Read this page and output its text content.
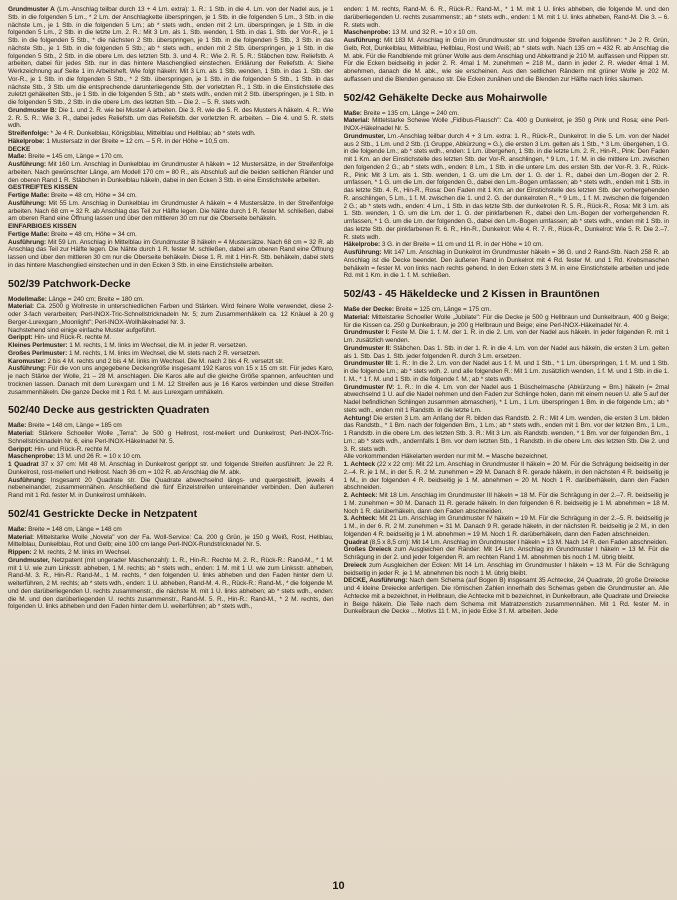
Grundmuster A (Lm.-Anschlag teilbar durch 13 + 4 Lm. extra): 1. R.: 1 Stb. in die 4. Lm. von der Nadel aus, je 1 Stb. in die folgenden 5 Lm., * 2 Lm. der Anschlagkette überspringen, je 1 Stb. in die folgenden 5 Lm., 3 Stb. in die nächste Lm., je 1 Stb. in die folgenden 5 Lm.; ab * stets wdh., enden mit 2 Lm. überspringen, je 1 Stb. in die folgenden 5 Lm., 2 Stb. in die letzte Lm. 2. R.: Mit 3 Lm. als 1. Stb. wenden, 1 Stb. in das 1. Stb. der Vor-R., je 1 Stb. in die folgenden 5 Stb., * die nächsten 2 Stb. überspringen, je 1 Stb. in die folgenden 5 Stb., 3 Stb. in das nächste Stb., je 1 Stb. in die folgenden 5 Stb.; ab * stets wdh., enden mit 2 Stb. überspringen, je 1 Stb. in die folgenden 5 Stb., 2 Stb. in die obere Lm. des letzten Stb. 3. und 4. R.: Wie 2. R. 5. R.: Stäbchen bzw. Reliefstb. A arbeiten, dabei für jedes Stb. nur in das hintere Maschenglied einstechen. Erklärung der Reliefstb. A: Siehe Werkzeichnung auf Seite 1 im Arbeitsheft. Wie folgt häkeln: Mit 3 Lm. als 1 Stb. wenden, 1 Stb. in das 1. Stb. der Vor-R., je 1 Stb. in die folgenden 5 Stb., * 2 Stb. überspringen, je 1 Stb. in die folgenden 5 Stb., 1 Stb. in das nächste Stb., 3 Stb. um die entsprechende darunterliegende Stb. der vorletzten R., 1 Stb. in die Einstichstelle des zuletzt gehäkelten Stb., je 1 Stb. in die folgenden 5 Stb.; ab * stets wdh., enden mit 2 Stb. überspringen, je 1 Stb. in die folgenden 5 Stb., 2 Stb. in die obere Lm. des letzten Stb. – Die 2. – 5. R. stets wdh.

Grundmuster B: Die 1. und 2. R. wie bei Muster A arbeiten. Die 3. R. wie die 5. R. des Musters A häkeln. 4. R.: Wie 2. R. 5. R.: Wie 3. R., dabei jedes Reliefstb. um das Reliefstb. der vorletzten R. arbeiten. – Die 4. und 5. R. stets wdh.

Streifenfolge: * Je 4 R. Dunkelblau, Königsblau, Mittelblau und Hellblau; ab * stets wdh.

Häkelprobe: 1 Mustersatz in der Breite = 12 cm. – 5 R. in der Höhe = 10,5 cm.

DECKE

Maße: Breite = 145 cm, Länge = 170 cm.

Ausführung: Mit 160 Lm. Anschlag in Dunkelblau im Grundmuster A häkeln = 12 Mustersätze, in der Streifenfolge arbeiten. Nach gewünschter Länge, am Modell 170 cm = 80 R., als Abschluß auf die beiden seitlichen Ränder und den oberen Rand 1 R. Stäbchen in Dunkelblau häkeln, dabei in den Ecken 3 Stb. in eine Einstichstelle arbeiten.

GESTREIFTES KISSEN

Fertige Maße: Breite = 48 cm, Höhe = 34 cm.

Ausführung: Mit 55 Lm. Anschlag in Dunkelblau im Grundmuster A häkeln = 4 Mustersätze. In der Streifenfolge arbeiten. Nach 68 cm = 32 R. ab Anschlag das Teil zur Hälfte legen. Die Nähte durch 1 R. fester M. schließen, dabei am oberen Rand eine Öffnung lassen und über den mittleren 30 cm nur die Oberseite behäkeln.

EINFARBIGES KISSEN

Fertige Maße: Breite = 48 cm, Höhe = 34 cm.

Ausführung: Mit 59 Lm. Anschlag in Mittelblau im Grundmuster B häkeln = 4 Mustersätze. Nach 68 cm = 32 R. ab Anschlag das Teil zur Hälfte legen. Die Nähte durch 1 R. fester M. schließen, dabei am oberen Rand eine Öffnung lassen und über den mittleren 30 cm nur die Oberseite behäkeln. Diese 1. R. mit 1 Hin-R. Stb. behäkeln, dabei stets in das hintere Maschenglied einstechen und in den Ecken 3 Stb. in eine Einstichstelle arbeiten.

502/39 Patchwork-Decke

Modellmaße: Länge = 240 cm; Breite = 180 cm.

Material: Ca. 2500 g Wollreste in unterschiedlichen Farben und Stärken. Wird feinere Wolle verwendet, diese 2- oder 3-fach verarbeiten; Perl-INOX-Tric-Schnellstricknadeln Nr. 5; zum Zusammenhäkeln ca. 12 Knäuel à 20 g Berger-Lurexgarn „Moonlight"; Perl-INOX-Wollhäkelnadel Nr. 3.

Nachstehend sind einige einfache Muster aufgeführt.

Gerippt: Hin- und Rück-R. rechte M.

Kleines Perlmuster: 1 M. rechts, 1 M. links im Wechsel, die M. in jeder R. versetzen.

Großes Perlmuster: 1 M. rechts, 1 M. links im Wechsel, die M. stets nach 2 R. versetzen.

Karomuster: 2 bis 4 M. rechts und 2 bis 4 M. links im Wechsel. Die M. nach 2 bis 4 R. versetzt str.

Ausführung: Für die von uns angegebene Deckengröße insgesamt 192 Karos von 15 x 15 cm str. Für jedes Karo, je nach Stärke der Wolle, 21 – 28 M. anschlagen. Die Karos alle auf die gleiche Größe spannen, anfeuchten und trocknen lassen. Danach mit dem Lurexgarn und 1 M. 12 Streifen aus je 16 Karos verbinden und diese Streifen zusammenhäkeln. Die ganze Decke mit 1 Rd. f. M. aus Lurexgarn umhäkeln.

502/40 Decke aus gestrickten Quadraten

Maße: Breite = 148 cm, Länge = 185 cm

Material: Stärkere Schoeller Wolle „Terra": Je 500 g Hellrost, rost-meliert und Dunkelrost; Perl-INOX-Tric-Schnellstricknadeln Nr. 6, eine Perl-INOX-Häkelnadel Nr. 5.

Gerippt: Hin- und Rück-R. rechte M.

Maschenprobe: 13 M. und 26 R. = 10 x 10 cm.

1 Quadrat 37 x 37 cm: Mit 48 M. Anschlag in Dunkelrost gerippt str. und folgende Streifen ausführen: Je 22 R. Dunkelrost, rost-meliert und Hellrost. Nach 36 cm = 102 R. ab Anschlag die M. abk.

Ausführung: Insgesamt 20 Quadrate str. Die Quadrate abwechselnd längs- und quergestreift, jeweils 4 nebeneinander, zusammennähen. Anschließend die fünf Einzelstreifen untereinander verbinden. Den äußeren Rand mit 1 Rd. fester M. in Dunkelrost umhäkeln.

502/41 Gestrickte Decke in Netzpatent

Maße: Breite = 148 cm, Länge = 148 cm

Material: Mittelstarke Wolle „Novela" von der Fa. Woll-Service: Ca. 200 g Grün, je 150 g Weiß, Rost, Hellblau, Mittelblau, Dunkelblau, Rot und Gelb; eine 100 cm lange Perl-INOX-Rundstricknadel Nr. 5.

Rippen: 2 M. rechts, 2 M. links im Wechsel.

Grundmuster, Netzpatent (mit ungerader Maschenzahl): 1. R., Hin-R.: Rechte M. 2. R., Rück-R.: Rand-M., * 1 M. mit 1 U. wie zum Linksstr. abheben, 1 M. rechts; ab * stets wdh., enden: 1 M. mit 1 U. wie zum Linksstr. abheben, Rand-M. 3. R., Hin-R.: Rand-M., 1 M. rechts, * den folgenden U. links abheben und den Faden hinter dem U. weiterführen, 2 M. rechts; ab * stets wdh., enden: 1 U. abheben, Rand-M. 4. R., Rück-R.: Rand-M., * die folgende M. und den darüberliegenden U. rechts zusammenstr., die nächste M. mit 1 U. links abheben; ab * stets wdh., enden: die M. und den darüberliegenden U. rechts zusammenstr., Rand-M. 5. R., Hin-R.: Rand-M., * 2 M. rechts, den folgenden U. links abheben und den Faden hinter dem U. weiterführen; ab * stets wdh.,

enden: 1 M. rechts, Rand-M. 6. R., Rück-R.: Rand-M., * 1 M. mit 1 U. links abheben, die folgende M. und den darüberliegenden U. rechts zusammenstr.; ab * stets wdh., enden: 1 M. mit 1 U. links abheben, Rand-M. Die 3. – 6. R. stets wdh.

Maschenprobe: 13 M. und 32 R. = 10 x 10 cm.

Ausführung: Mit 183 M. Anschlag in Grün im Grundmuster str. und folgende Streifen ausführen: * Je 2 R. Grün, Gelb, Rot, Dunkelblau, Mittelblau, Hellblau, Rost und Weiß; ab * stets wdh. Nach 135 cm = 432 R. ab Anschlag die M. abk. Für die Randblende mit grüner Wolle aus dem Anschlag und Abkettrand je 210 M. auffassen und Rippen str. Für die Ecken beidseitig in jeder 2. R. 4mal 1 M. zunehmen = 218 M., dann in jeder 2. R. wieder 4mal 1 M. abnehmen, danach die M. abk., wie sie erscheinen. Aus den seitlichen Rändern mit grüner Wolle je 202 M. auffassen und die Blenden genauso str. Die Ecken zunähen und die Blenden zur Hälfte nach links säumen.

502/42 Gehäkelte Decke aus Mohairwolle

Maße: Breite = 135 cm, Länge = 240 cm.

Material: Mittelstarke Schewe Wolle „Fidibus-Flausch": Ca. 400 g Dunkelrot, je 350 g Pink und Rosa; eine Perl-INOX-Häkelnadel Nr. 5.

Grundmuster, Lm.-Anschlag teilbar durch 4 + 3 Lm. extra: 1. R., Rück-R., Dunkelrot: In die 5. Lm. von der Nadel aus 2 Stb., 1 Lm. und 2 Stb. (1 Gruppe, Abkürzung = G.), die ersten 3 Lm. gelten als 1 Stb., * 3 Lm. übergehen, 1 G. in die folgende Lm.; ab * stets wdh., enden: 1 Lm. übergehen, 1 Stb. in die letzte Lm. 2. R., Hin-R., Pink: Den Faden mit 1 Km. an der Einstichstelle des letzten Stb. der Vor-R. anschlingen, * 9 Lm., 1 f. M. in die mittlere Lm. zwischen den folgenden 2 G.; ab * stets wdh., enden: 8 Lm., 1 Stb. in die untere Lm. des ersten Stb. der Vor-R. 3. R., Rück-R., Pink: Mit 3 Lm. als 1. Stb. wenden, 1 G. um die Lm. der 1. G. der 1. R., dabei den Lm.-Bogen der 2. R. umfassen, * 1 G. um die Lm. der folgenden G., dabei den Lm.-Bogen umfassen; ab * stets wdh., enden mit 1 Stb. in das letzte Stb. 4. R., Hin-R., Rosa: Den Faden mit 1 Km. an der Einstichstelle des letzten Stb. der vorhergehenden R. anschlingen, 5 Lm., 1 f. M. zwischen die 1. und 2. G. der dunkelroten R., * 9 Lm., 1 f. M. zwischen die folgenden 2 G.; ab * stets wdh., enden: 4 Lm., 1 Stb. in das letzte Stb. der dunkelroten R. 5. R., Rück-R., Rosa: Mit 3 Lm. als 1. Stb. wenden, 1 G. um die Lm. der 1. G. der pinkfarbenen R., dabei den Lm.-Bogen der vorhergehenden R. umfassen, * 1 G. um die Lm. der folgenden G., dabei den Lm.-Bogen umfassen; ab * stets wdh., enden mit 1 Stb. in das letzte Stb. der pinkfarbenen R. 6. R., Hin-R., Dunkelrot: Wie 4. R. 7. R., Rück-R., Dunkelrot: Wie 5. R. Die 2.–7. R. stets wdh.

Häkelprobe: 3 G. in der Breite = 11 cm und 11 R. in der Höhe = 10 cm.

Ausführung: Mit 147 Lm. Anschlag in Dunkelrot im Grundmuster häkeln = 36 G. und 2 Rand-Stb. Nach 258 R. ab Anschlag ist die Decke beendet. Den äußeren Rand in Dunkelrot mit 4 Rd. fester M. und 1 Rd. Krebsmaschen behäkeln = fester M. von links nach rechts gehend. In den Ecken stets 3 M. in eine Einstichstelle arbeiten und jede Rd. mit 1 Km. in die 1. f. M. schließen.

502/43 - 45 Häkeldecke und 2 Kissen in Brauntönen

Maße der Decke: Breite = 125 cm, Länge = 175 cm.

Material: Mittelstarke Schoeller Wolle „Jubilate": Für die Decke je 500 g Hellbraun und Dunkelbraun, 400 g Beige; für die Kissen ca. 250 g Dunkelbraun, je 200 g Hellbraun und Beige; eine Perl-INOX-Häkelnadel Nr. 4.

Grundmuster I: Feste M. Die 1. f. M. der 1. R. in die 2. Lm. von der Nadel aus häkeln. In jeder folgenden R. mit 1 Lm. zusätzlich wenden.

Grundmuster II: Stäbchen. Das 1. Stb. in der 1. R. in die 4. Lm. von der Nadel aus häkeln, die ersten 3 Lm. gelten als 1. Stb. Das 1. Stb. jeder folgenden R. durch 3 Lm. ersetzen.

Grundmuster III: 1. R.: In die 2. Lm. von der Nadel aus 1 f. M. und 1 Stb., * 1 Lm. überspringen, 1 f. M. und 1 Stb. in die folgende Lm.; ab * stets wdh. 2. und alle folgenden R.: Mit 1 Lm. zusätzlich wenden, 1 f. M. und 1 Stb. in die 1. f. M., * 1 f. M. und 1 Stb. in die folgende f. M.; ab * stets wdh.

Grundmuster IV: 1. R.: In die 4. Lm. von der Nadel aus 1 Büschelmasche (Abkürzung = Bm.) häkeln (= 2mal abwechselnd 1 U. auf die Nadel nehmen und den Faden zur Schlinge holen, dann mit einem neuen U. alle 5 auf der Nadel befindlichen Schlingen zusammen abmaschen), * 1 Lm., 1 Lm. überspringen 1 Bm. in die folgende Lm.; ab * stets wdh., enden mit 1 Randstb. in die letzte Lm.

Achtung! Die ersten 3 Lm. am Anfang der R. bilden das Randstb. 2. R.: Mit 4 Lm. wenden, die ersten 3 Lm. bilden das Randstb., * 1 Bm. nach der folgenden Bm., 1 Lm.; ab * stets wdh., enden mit 1 Bm. vor der letzten Bm., 1 Lm., 1 Randstb. in die obere Lm. des letzten Stb. 3. R.: Mit 3 Lm. als Randstb. wenden, * 1 Bm. vor der folgenden Bm., 1 Lm.; ab * stets wdh., andernfalls 1 Bm. vor dem letzten Stb., 1 Randstb. in die obere Lm. des letzten Stb. Die 2. und 3. R. stets wdh.

Alle vorkommenden Häkelarten werden nur mit M. = Masche bezeichnet.

1. Achteck (22 x 22 cm): Mit 22 Lm. Anschlag in Grundmuster II häkeln = 20 M. Für die Schrägung beidseitig in der 2.–4. R. je 1 M., in der 5. R. 2 M. zunehmen = 29 M. Danach 8 R. gerade häkeln, in den nächsten 4 R. beidseitig je 1 M., in der folgenden 4 R. beidseitig je 1 M. abnehmen = 20 M. Noch 1 R. darüberhäkeln, dann den Faden abschneiden.

2. Achteck: Mit 18 Lm. Anschlag im Grundmuster III häkeln = 18 M. Für die Schrägung in der 2.–7. R. beidseitig je 1 M. zunehmen = 30 M. Danach 11 R. gerade häkeln. In den folgenden 6 R. beidseitig je 1 M. abnehmen = 18 M. Noch 1 R. darüberhäkeln, dann den Faden abschneiden.

3. Achteck: Mit 21 Lm. Anschlag im Grundmuster IV häkeln = 19 M. Für die Schrägung in der 2.–5. R. beidseitig je 1 M., in der 6. R. 2 M. zunehmen = 31 M. Danach 9 R. gerade häkeln, in der nächsten R. beidseitig je 2 M., in den folgenden 4 R. beidseitig je 1 M. abnehmen = 19 M. Noch 1 R. darüberhäkeln, dann den Faden abschneiden.

Quadrat (8,5 x 8,5 cm): Mit 14 Lm. Anschlag im Grundmuster I häkeln = 13 M. Nach 14 R. den Faden abschneiden.

Großes Dreieck zum Ausgleichen der Ränder: Mit 14 Lm. Anschlag im Grundmuster I häkeln = 13 M. Für die Schrägung in der 2. und jeder folgenden R. am rechten Rand 1 M. abnehmen bis noch 1 M. übrig bleibt.

Dreieck zum Ausgleichen der Ecken: Mit 14 Lm. Anschlag im Grundmuster I häkeln = 13 M. Für die Schrägung beidseitig in jeder R. je 1 M. abnehmen bis noch 1 M. übrig bleibt.

DECKE, Ausführung: Nach dem Schema (auf Bogen B) insgesamt 35 Achtecke, 24 Quadrate, 20 große Dreiecke und 4 kleine Dreiecke anfertigen. Die römischen Zahlen innerhalb des Schemas geben die Grundmuster an. Alle Achtecke mit a bezeichnet, in Hellbraun, die Achtecke mit b bezeichnet, in Dunkelbraun, alle Quadrate und Dreiecke in Beige häkeln. Die Teile nach dem Schema mit Matratzenstich zusammennähen. Mit 1 Rd. fester M. in Dunkelbraun die Decke ... Motivs 11 f. M., in jede Ecke 3 f. M. arbeiten. Jede

10
